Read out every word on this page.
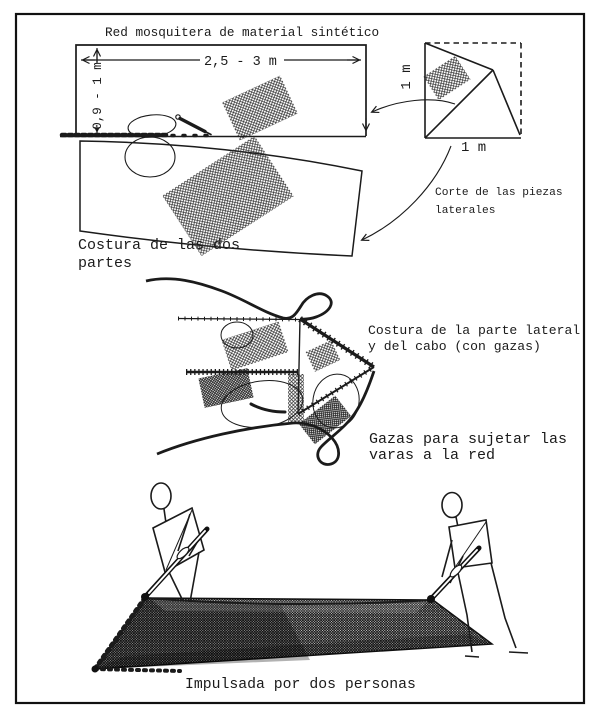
Red mosquitera de material sintético
2,5 - 3 m
0,9 - 1 m	1 m
1 m
Corte de las piezas
laterales
Costura de las dos
partes
Costura de la parte lateral
y del cabo (con gazas)
Gazas para sujetar las
varas a la red
Impulsada por dos personas
